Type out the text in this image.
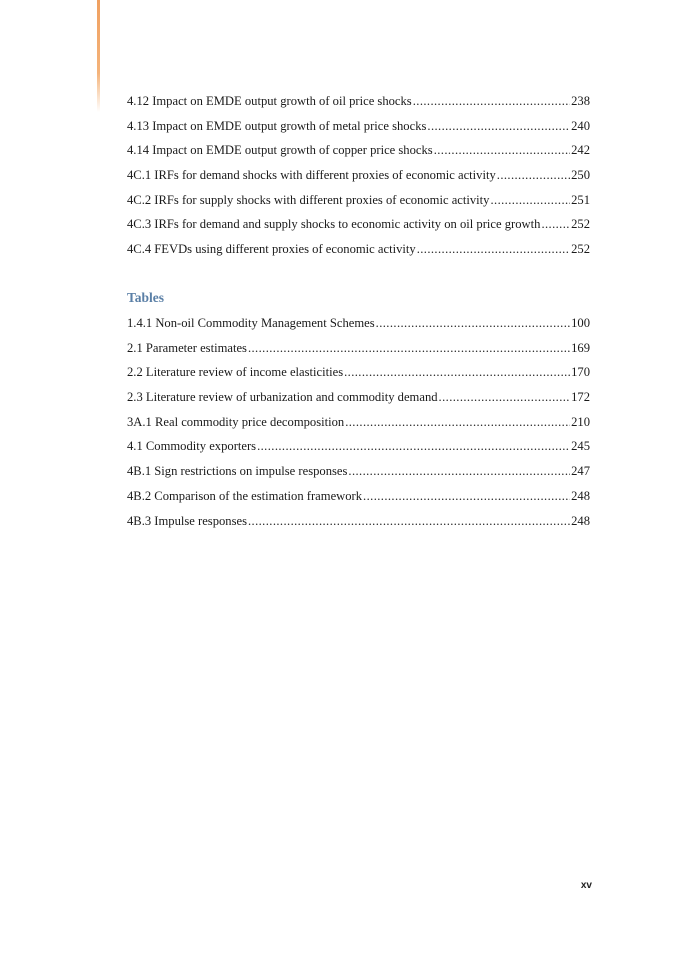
4.12 Impact on EMDE output growth of oil price shocks .....	238
4.13 Impact on EMDE output growth of metal price shocks .....	240
4.14 Impact on EMDE output growth of copper price shocks .....	242
4C.1 IRFs for demand shocks with different proxies of economic activity .....	250
4C.2 IRFs for supply shocks with different proxies of economic activity .....	251
4C.3 IRFs for demand and supply shocks to economic activity on oil price growth ..... 252
4C.4 FEVDs using different proxies of economic activity .....	252
Tables
1.4.1 Non-oil Commodity Management Schemes .....	100
2.1 Parameter estimates .....	169
2.2 Literature review of income elasticities .....	170
2.3 Literature review of urbanization and commodity demand .....	172
3A.1 Real commodity price decomposition .....	210
4.1 Commodity exporters .....	245
4B.1 Sign restrictions on impulse responses .....	247
4B.2 Comparison of the estimation framework .....	248
4B.3 Impulse responses .....	248
xv
